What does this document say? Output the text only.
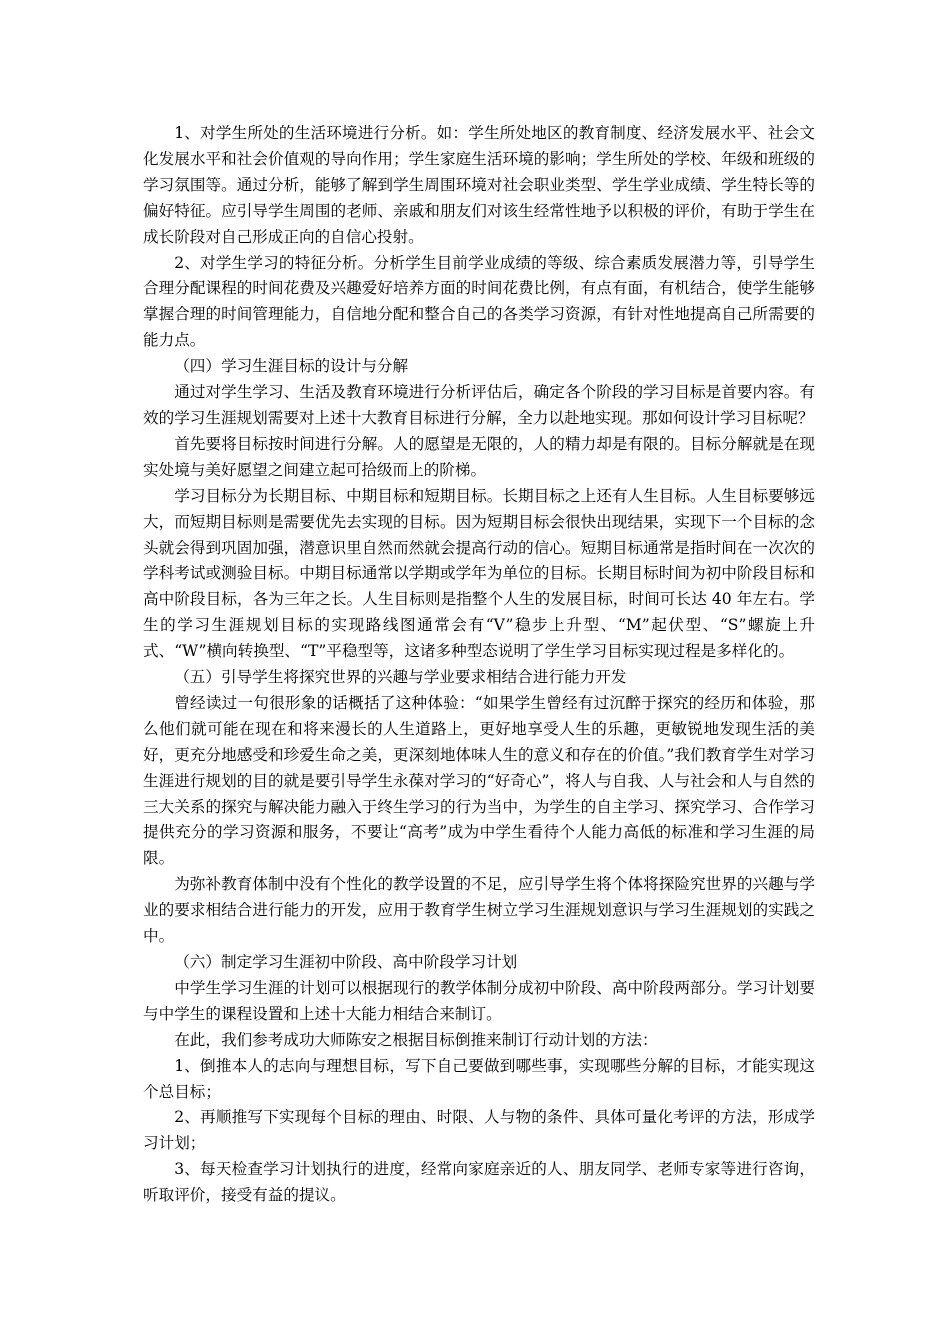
1、对学生所处的生活环境进行分析。如：学生所处地区的教育制度、经济发展水平、社会文化发展水平和社会价值观的导向作用；学生家庭生活环境的影响；学生所处的学校、年级和班级的学习氛围等。通过分析，能够了解到学生周围环境对社会职业类型、学生学业成绩、学生特长等的偏好特征。应引导学生周围的老师、亲戚和朋友们对该生经常性地予以积极的评价，有助于学生在成长阶段对自己形成正向的自信心投射。

2、对学生学习的特征分析。分析学生目前学业成绩的等级、综合素质发展潜力等，引导学生合理分配课程的时间花费及兴趣爱好培养方面的时间花费比例，有点有面，有机结合，使学生能够掌握合理的时间管理能力，自信地分配和整合自己的各类学习资源，有针对性地提高自己所需要的能力点。

（四）学习生涯目标的设计与分解

通过对学生学习、生活及教育环境进行分析评估后，确定各个阶段的学习目标是首要内容。有效的学习生涯规划需要对上述十大教育目标进行分解，全力以赴地实现。那如何设计学习目标呢？

首先要将目标按时间进行分解。人的愿望是无限的，人的精力却是有限的。目标分解就是在现实处境与美好愿望之间建立起可拾级而上的阶梯。

学习目标分为长期目标、中期目标和短期目标。长期目标之上还有人生目标。人生目标要够远大，而短期目标则是需要优先去实现的目标。因为短期目标会很快出现结果，实现下一个目标的念头就会得到巩固加强，潜意识里自然而然就会提高行动的信心。短期目标通常是指时间在一次次的学科考试或测验目标。中期目标通常以学期或学年为单位的目标。长期目标时间为初中阶段目标和高中阶段目标，各为三年之长。人生目标则是指整个人生的发展目标，时间可长达 40 年左右。学生的学习生涯规划目标的实现路线图通常会有“V”稳步上升型、“M”起伏型、“S”螺旋上升式、“W”横向转换型、“T”平稳型等，这诸多种型态说明了学生学习目标实现过程是多样化的。

（五）引导学生将探究世界的兴趣与学业要求相结合进行能力开发

曾经读过一句很形象的话概括了这种体验：“如果学生曾经有过沉醉于探究的经历和体验，那么他们就可能在现在和将来漫长的人生道路上，更好地享受人生的乐趣，更敏锐地发现生活的美好，更充分地感受和珍爱生命之美，更深刻地体味人生的意义和存在的价值。”我们教育学生对学习生涯进行规划的目的就是要引导学生永葆对学习的“好奇心”，将人与自我、人与社会和人与自然的三大关系的探究与解决能力融入于终生学习的行为当中，为学生的自主学习、探究学习、合作学习提供充分的学习资源和服务，不要让“高考”成为中学生看待个人能力高低的标准和学习生涯的局限。

为弥补教育体制中没有个性化的教学设置的不足，应引导学生将个体将探险究世界的兴趣与学业的要求相结合进行能力的开发，应用于教育学生树立学习生涯规划意识与学习生涯规划的实践之中。

（六）制定学习生涯初中阶段、高中阶段学习计划

中学生学习生涯的计划可以根据现行的教学体制分成初中阶段、高中阶段两部分。学习计划要与中学生的课程设置和上述十大能力相结合来制订。

在此，我们参考成功大师陈安之根据目标倒推来制订行动计划的方法：

1、倒推本人的志向与理想目标，写下自己要做到哪些事，实现哪些分解的目标，才能实现这个总目标；

2、再顺推写下实现每个目标的理由、时限、人与物的条件、具体可量化考评的方法，形成学习计划；

3、每天检查学习计划执行的进度，经常向家庭亲近的人、朋友同学、老师专家等进行咨询，听取评价，接受有益的提议。
